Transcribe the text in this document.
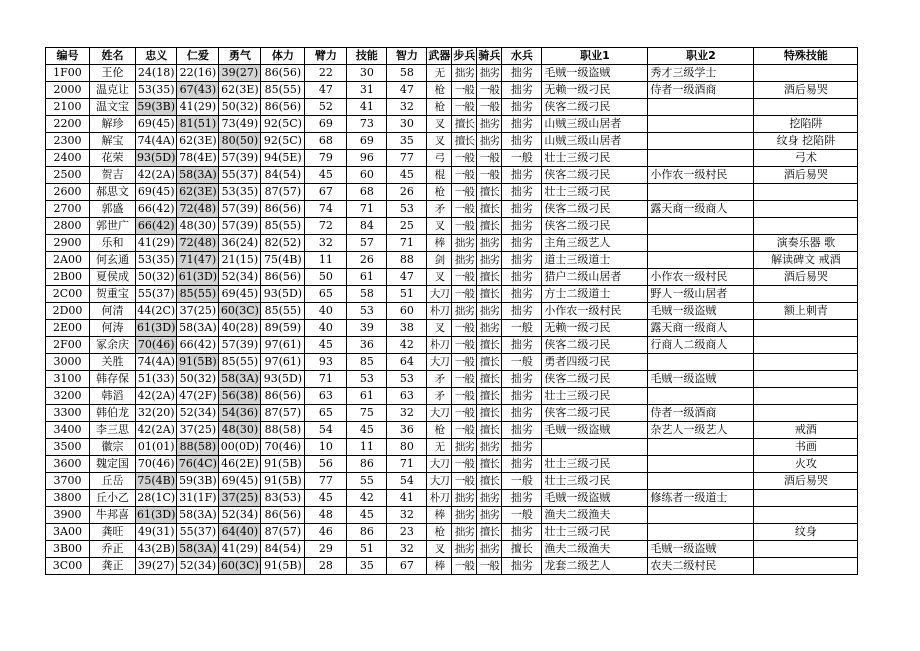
编号	姓名	忠义	仁爱	勇气	体力	臂力	技能	智力	武器	步兵	骑兵	水兵	职业1	职业2	特殊技能
1F00	王伦	24(18)	22(16)	39(27)	86(56)	22	30	58	无	拙劣	拙劣	拙劣	毛贼一级盗贼	秀才三级学士	
2000	温克让	53(35)	67(43)	62(3E)	85(55)	47	31	47	枪	一般	一般	拙劣	无赖一级刁民	侍者一级酒商	酒后易哭
2100	温文宝	59(3B)	41(29)	50(32)	86(56)	52	41	32	枪	一般	一般	拙劣	侠客二级刁民		
2200	解珍	69(45)	81(51)	73(49)	92(5C)	69	73	30	叉	擅长	拙劣	拙劣	山贼三级山居者		挖陷阱
2300	解宝	74(4A)	62(3E)	80(50)	92(5C)	68	69	35	叉	擅长	拙劣	拙劣	山贼三级山居者		纹身 挖陷阱
2400	花荣	93(5D)	78(4E)	57(39)	94(5E)	79	96	77	弓	一般	一般	一般	壮士三级刁民		弓术
2500	贺吉	42(2A)	58(3A)	55(37)	84(54)	45	60	45	棍	一般	一般	拙劣	侠客二级刁民	小作农一级村民	酒后易哭
2600	郝思文	69(45)	62(3E)	53(35)	87(57)	67	68	26	枪	一般	擅长	拙劣	壮士三级刁民		
2700	郭盛	66(42)	72(48)	57(39)	86(56)	74	71	53	矛	一般	擅长	拙劣	侠客二级刁民	露天商一级商人	
2800	郭世广	66(42)	48(30)	57(39)	85(55)	72	84	25	叉	一般	擅长	拙劣	侠客二级刁民		
2900	乐和	41(29)	72(48)	36(24)	82(52)	32	57	71	棒	拙劣	拙劣	拙劣	主角三级艺人		演奏乐器 歌
2A00	何玄通	53(35)	71(47)	21(15)	75(4B)	11	26	88	剑	拙劣	拙劣	拙劣	道士三级道士		解读碑文 戒酒
2B00	夏侯成	50(32)	61(3D)	52(34)	86(56)	50	61	47	叉	一般	擅长	拙劣	猎户二级山居者	小作农一级村民	酒后易哭
2C00	贺重宝	55(37)	85(55)	69(45)	93(5D)	65	58	51	大刀	一般	擅长	拙劣	方士二级道士	野人一级山居者	
2D00	何清	44(2C)	37(25)	60(3C)	85(55)	40	53	60	朴刀	拙劣	拙劣	拙劣	小作农一级村民	毛贼一级盗贼	额上刺青
2E00	何涛	61(3D)	58(3A)	40(28)	89(59)	40	39	38	叉	一般	拙劣	一般	无赖一级刁民	露天商一级商人	
2F00	冢余庆	70(46)	66(42)	57(39)	97(61)	45	36	42	朴刀	一般	擅长	拙劣	侠客二级刁民	行商人二级商人	
3000	关胜	74(4A)	91(5B)	85(55)	97(61)	93	85	64	大刀	一般	擅长	一般	勇者四级刁民		
3100	韩存保	51(33)	50(32)	58(3A)	93(5D)	71	53	53	矛	一般	擅长	拙劣	侠客二级刁民	毛贼一级盗贼	
3200	韩滔	42(2A)	47(2F)	56(38)	86(56)	63	61	63	矛	一般	擅长	拙劣	壮士三级刁民		
3300	韩伯龙	32(20)	52(34)	54(36)	87(57)	65	75	32	大刀	一般	擅长	拙劣	侠客二级刁民	侍者一级酒商	
3400	李三思	42(2A)	37(25)	48(30)	88(58)	54	45	36	枪	一般	擅长	拙劣	毛贼一级盗贼	杂艺人一级艺人	戒酒
3500	徽宗	01(01)	88(58)	00(0D)	70(46)	10	11	80	无	拙劣	拙劣	拙劣			书画
3600	魏定国	70(46)	76(4C)	46(2E)	91(5B)	56	86	71	大刀	一般	擅长	拙劣	壮士三级刁民		火攻
3700	丘岳	75(4B)	59(3B)	69(45)	91(5B)	77	55	54	大刀	一般	擅长	一般	壮士三级刁民		酒后易哭
3800	丘小乙	28(1C)	31(1F)	37(25)	83(53)	45	42	41	朴刀	拙劣	拙劣	拙劣	毛贼一级盗贼	修练者一级道士	
3900	牛邦喜	61(3D)	58(3A)	52(34)	86(56)	48	45	32	棒	拙劣	拙劣	一般	渔夫二级渔夫		
3A00	龚旺	49(31)	55(37)	64(40)	87(57)	46	86	23	枪	拙劣	擅长	拙劣	壮士三级刁民		纹身
3B00	乔正	43(2B)	58(3A)	41(29)	84(54)	29	51	32	叉	拙劣	拙劣	擅长	渔夫二级渔夫	毛贼一级盗贼	
3C00	龚正	39(27)	52(34)	60(3C)	91(5B)	28	35	67	棒	一般	一般	拙劣	龙套二级艺人	农夫二级村民	
